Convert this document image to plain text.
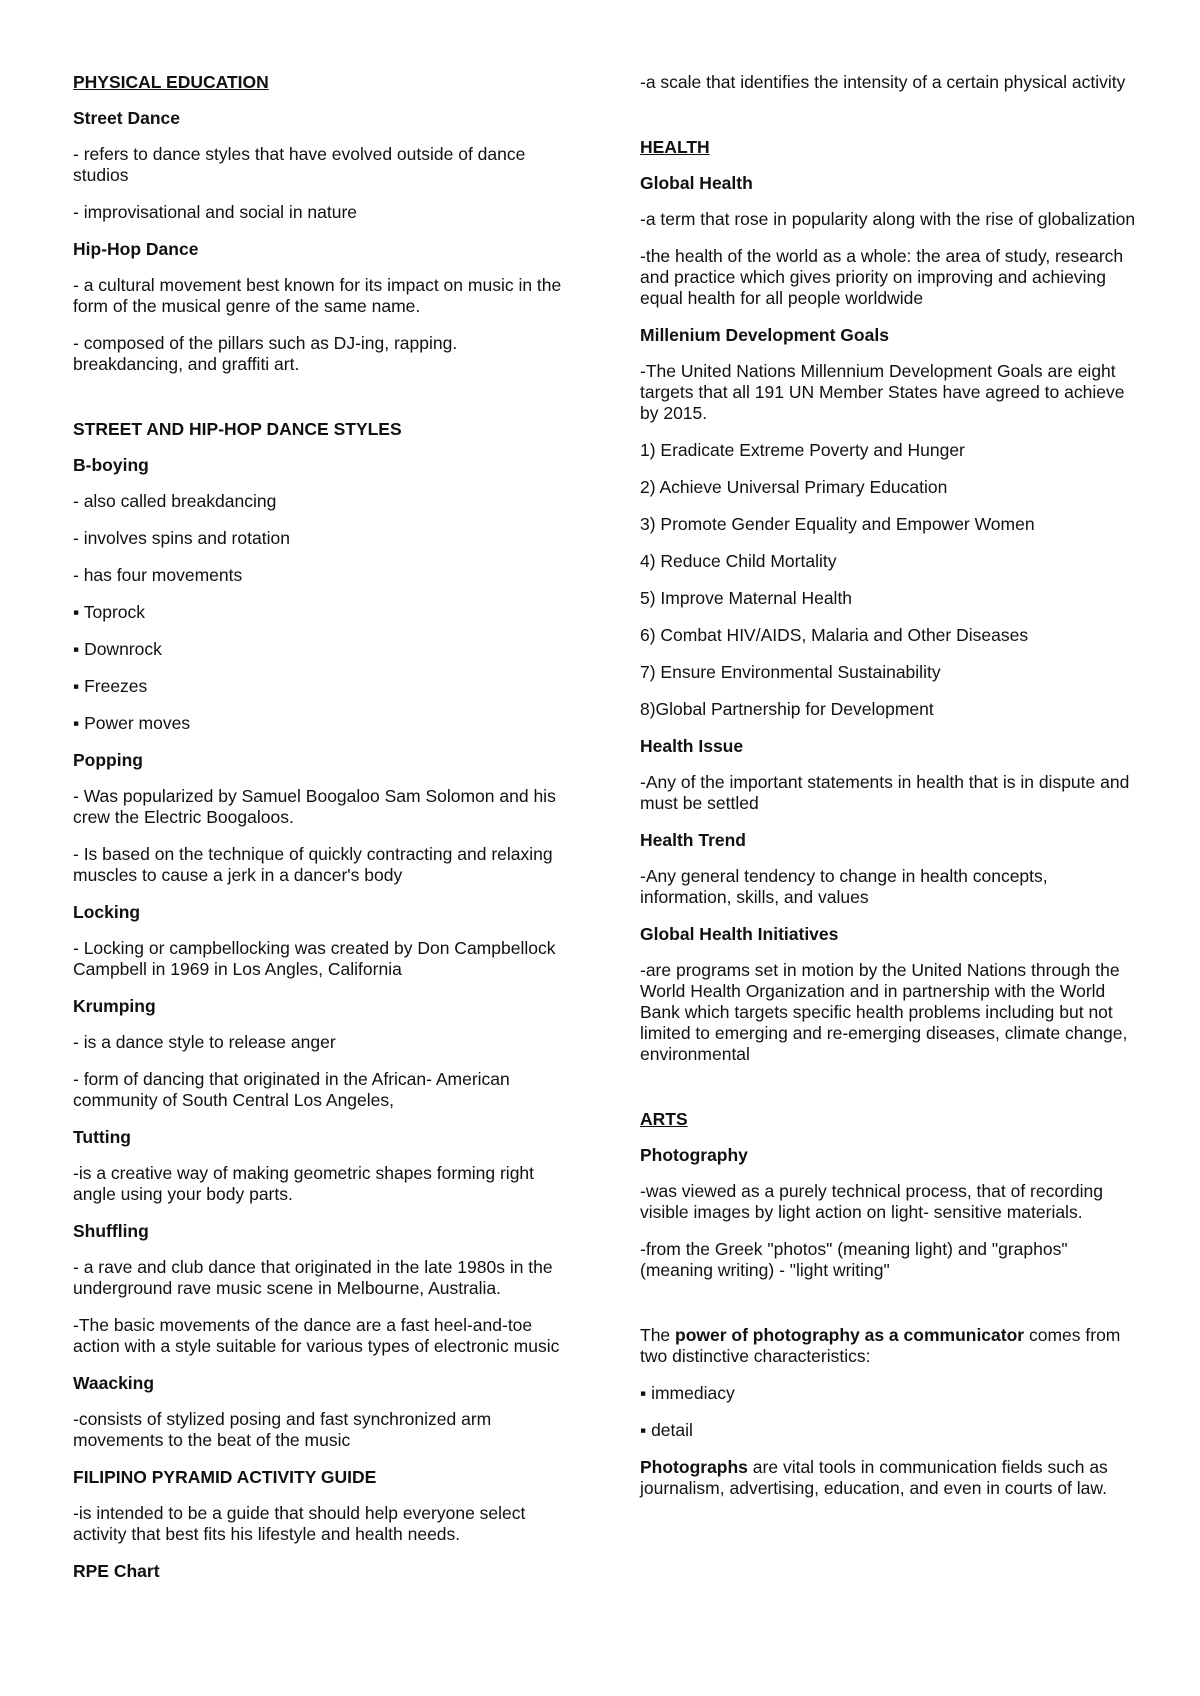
PHYSICAL EDUCATION
Street Dance
- refers to dance styles that have evolved outside of dance studios
- improvisational and social in nature
Hip-Hop Dance
- a cultural movement best known for its impact on music in the form of the musical genre of the same name.
- composed of the pillars such as DJ-ing, rapping. breakdancing, and graffiti art.
STREET AND HIP-HOP DANCE STYLES
B-boying
- also called breakdancing
- involves spins and rotation
- has four movements
▪ Toprock
▪ Downrock
▪ Freezes
▪ Power moves
Popping
- Was popularized by Samuel Boogaloo Sam Solomon and his crew the Electric Boogaloos.
- Is based on the technique of quickly contracting and relaxing muscles to cause a jerk in a dancer's body
Locking
- Locking or campbellocking was created by Don Campbellock Campbell in 1969 in Los Angles, California
Krumping
- is a dance style to release anger
- form of dancing that originated in the African- American community of South Central Los Angeles,
Tutting
-is a creative way of making geometric shapes forming right angle using your body parts.
Shuffling
- a rave and club dance that originated in the late 1980s in the underground rave music scene in Melbourne, Australia.
-The basic movements of the dance are a fast heel-and-toe action with a style suitable for various types of electronic music
Waacking
-consists of stylized posing and fast synchronized arm movements to the beat of the music
FILIPINO PYRAMID ACTIVITY GUIDE
-is intended to be a guide that should help everyone select activity that best fits his lifestyle and health needs.
RPE Chart
-a scale that identifies the intensity of a certain physical activity
HEALTH
Global Health
-a term that rose in popularity along with the rise of globalization
-the health of the world as a whole: the area of study, research and practice which gives priority on improving and achieving equal health for all people worldwide
Millenium Development Goals
-The United Nations Millennium Development Goals are eight targets that all 191 UN Member States have agreed to achieve by 2015.
1) Eradicate Extreme Poverty and Hunger
2) Achieve Universal Primary Education
3) Promote Gender Equality and Empower Women
4) Reduce Child Mortality
5) Improve Maternal Health
6) Combat HIV/AIDS, Malaria and Other Diseases
7) Ensure Environmental Sustainability
8)Global Partnership for Development
Health Issue
-Any of the important statements in health that is in dispute and must be settled
Health Trend
-Any general tendency to change in health concepts, information, skills, and values
Global Health Initiatives
-are programs set in motion by the United Nations through the World Health Organization and in partnership with the World Bank which targets specific health problems including but not limited to emerging and re-emerging diseases, climate change, environmental
ARTS
Photography
-was viewed as a purely technical process, that of recording visible images by light action on light- sensitive materials.
-from the Greek "photos" (meaning light) and "graphos" (meaning writing) - "light writing"
The power of photography as a communicator comes from two distinctive characteristics:
▪ immediacy
▪ detail
Photographs are vital tools in communication fields such as journalism, advertising, education, and even in courts of law.
